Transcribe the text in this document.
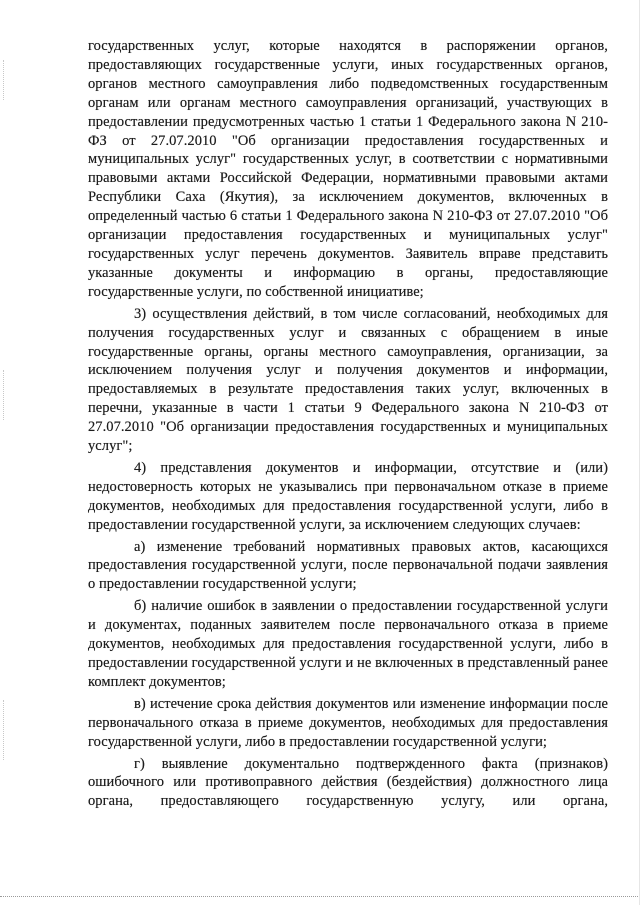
государственных услуг, которые находятся в распоряжении органов, предоставляющих государственные услуги, иных государственных органов, органов местного самоуправления либо подведомственных государственным органам или органам местного самоуправления организаций, участвующих в предоставлении предусмотренных частью 1 статьи 1 Федерального закона N 210-ФЗ от 27.07.2010 "Об организации предоставления государственных и муниципальных услуг" государственных услуг, в соответствии с нормативными правовыми актами Российской Федерации, нормативными правовыми актами Республики Саха (Якутия), за исключением документов, включенных в определенный частью 6 статьи 1 Федерального закона N 210-ФЗ от 27.07.2010 "Об организации предоставления государственных и муниципальных услуг" государственных услуг перечень документов. Заявитель вправе представить указанные документы и информацию в органы, предоставляющие государственные услуги, по собственной инициативе;

3) осуществления действий, в том числе согласований, необходимых для получения государственных услуг и связанных с обращением в иные государственные органы, органы местного самоуправления, организации, за исключением получения услуг и получения документов и информации, предоставляемых в результате предоставления таких услуг, включенных в перечни, указанные в части 1 статьи 9 Федерального закона N 210-ФЗ от 27.07.2010 "Об организации предоставления государственных и муниципальных услуг";

4) представления документов и информации, отсутствие и (или) недостоверность которых не указывались при первоначальном отказе в приеме документов, необходимых для предоставления государственной услуги, либо в предоставлении государственной услуги, за исключением следующих случаев:

а) изменение требований нормативных правовых актов, касающихся предоставления государственной услуги, после первоначальной подачи заявления о предоставлении государственной услуги;

б) наличие ошибок в заявлении о предоставлении государственной услуги и документах, поданных заявителем после первоначального отказа в приеме документов, необходимых для предоставления государственной услуги, либо в предоставлении государственной услуги и не включенных в представленный ранее комплект документов;

в) истечение срока действия документов или изменение информации после первоначального отказа в приеме документов, необходимых для предоставления государственной услуги, либо в предоставлении государственной услуги;

г) выявление документально подтвержденного факта (признаков) ошибочного или противоправного действия (бездействия) должностного лица органа, предоставляющего государственную услугу, или органа,
